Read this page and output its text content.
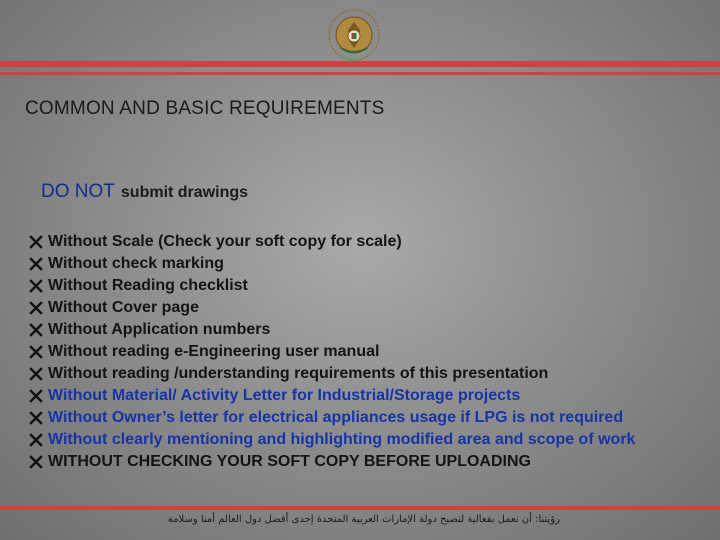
COMMON AND BASIC REQUIREMENTS
DO NOT submit drawings
Without Scale (Check your soft copy for scale)
Without check marking
Without Reading checklist
Without Cover page
Without Application numbers
Without reading e-Engineering user manual
Without reading /understanding requirements of this presentation
Without Material/ Activity Letter for Industrial/Storage projects
Without Owner’s letter for electrical appliances usage if LPG is not required
Without clearly mentioning and highlighting modified area and scope of work
WITHOUT CHECKING YOUR SOFT COPY BEFORE UPLOADING
رؤيتنا: أن نعمل بفعالية لتصبح دولة الإمارات العربية المتحدة إحدى أفضل دول العالم أمنا وسلامة
